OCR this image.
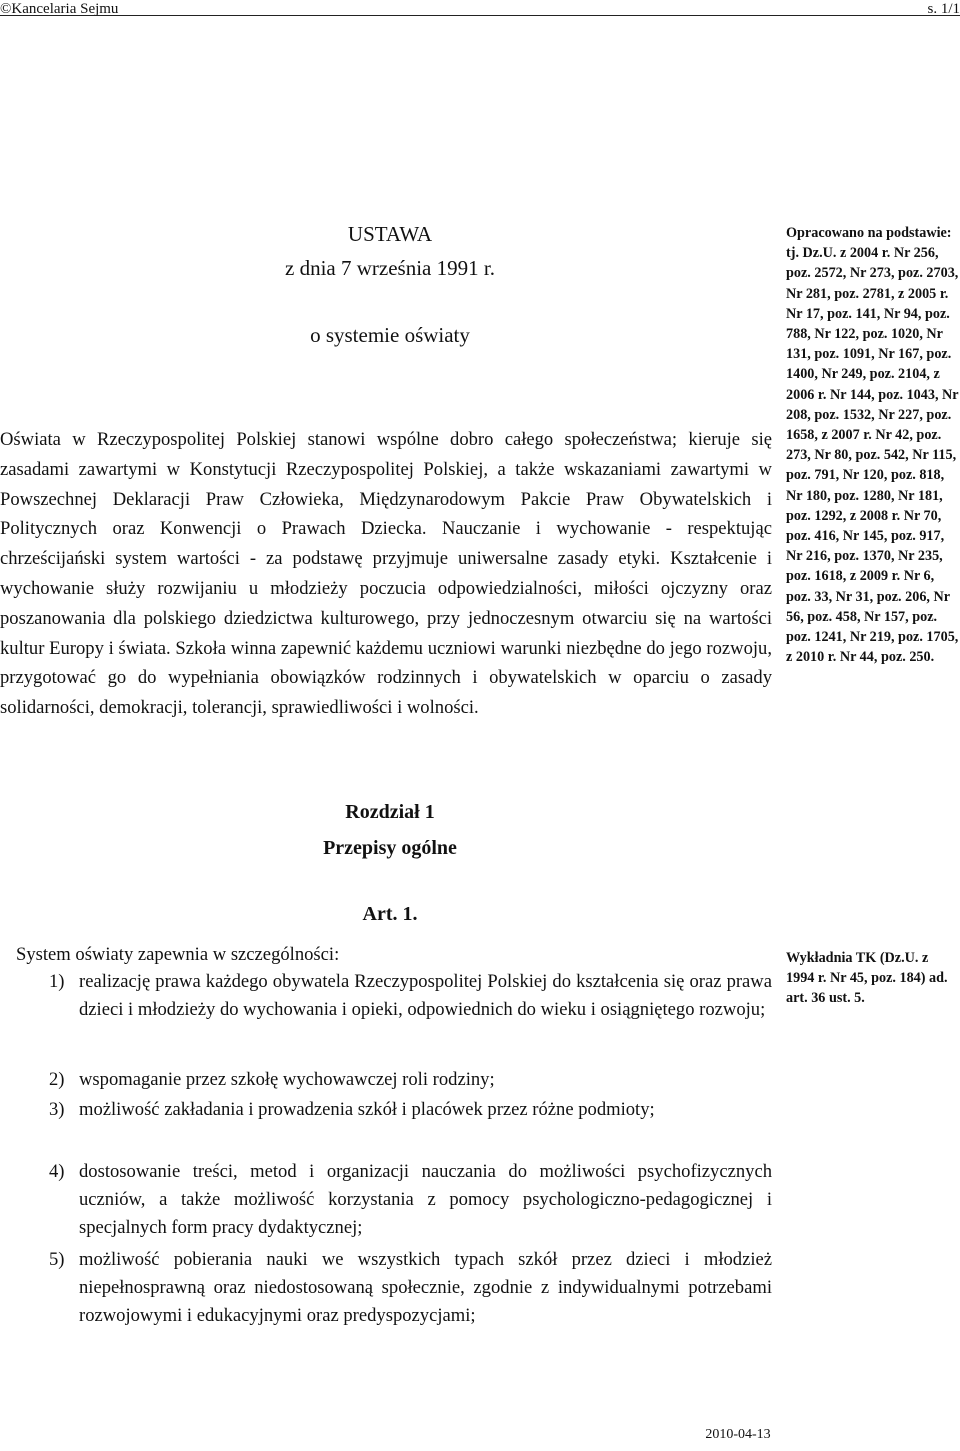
©Kancelaria Sejmu	s. 1/1
USTAWA
z dnia 7 września 1991 r.
o systemie oświaty

Oświata w Rzeczypospolitej Polskiej stanowi wspólne dobro całego społeczeństwa; kieruje się zasadami zawartymi w Konstytucji Rzeczypospolitej Polskiej, a także wskazaniami zawartymi w Powszechnej Deklaracji Praw Człowieka, Międzynarodowym Pakcie Praw Obywatelskich i Politycznych oraz Konwencji o Prawach Dziecka. Nauczanie i wychowanie - respektując chrześcijański system wartości - za podstawę przyjmuje uniwersalne zasady etyki. Kształcenie i wychowanie służy rozwijaniu u młodzieży poczucia odpowiedzialności, miłości ojczyzny oraz poszanowania dla polskiego dziedzictwa kulturowego, przy jednoczesnym otwarciu się na wartości kultur Europy i świata. Szkoła winna zapewnić każdemu uczniowi warunki niezbędne do jego rozwoju, przygotować go do wypełniania obowiązków rodzinnych i obywatelskich w oparciu o zasady solidarności, demokracji, tolerancji, sprawiedliwości i wolności.

Rozdział 1
Przepisy ogólne
Art. 1.

System oświaty zapewnia w szczególności:

1) realizację prawa każdego obywatela Rzeczypospolitej Polskiej do kształcenia się oraz prawa dzieci i młodzieży do wychowania i opieki, odpowiednich do wieku i osiągniętego rozwoju;

2) wspomaganie przez szkołę wychowawczej roli rodziny;

3) możliwość zakładania i prowadzenia szkół i placówek przez różne podmioty;

4) dostosowanie treści, metod i organizacji nauczania do możliwości psychofizycznych uczniów, a także możliwość korzystania z pomocy psychologiczno-pedagogicznej i specjalnych form pracy dydaktycznej;

5) możliwość pobierania nauki we wszystkich typach szkół przez dzieci i młodzież niepełnosprawną oraz niedostosowaną społecznie, zgodnie z indywidualnymi potrzebami rozwojowymi i edukacyjnymi oraz predyspozycjami;

Opracowano na podstawie: tj. Dz.U. z 2004 r. Nr 256, poz. 2572, Nr 273, poz. 2703, Nr 281, poz. 2781, z 2005 r. Nr 17, poz. 141, Nr 94, poz. 788, Nr 122, poz. 1020, Nr 131, poz. 1091, Nr 167, poz. 1400, Nr 249, poz. 2104, z 2006 r. Nr 144, poz. 1043, Nr 208, poz. 1532, Nr 227, poz. 1658, z 2007 r. Nr 42, poz. 273, Nr 80, poz. 542, Nr 115, poz. 791, Nr 120, poz. 818, Nr 180, poz. 1280, Nr 181, poz. 1292, z 2008 r. Nr 70, poz. 416, Nr 145, poz. 917, Nr 216, poz. 1370, Nr 235, poz. 1618, z 2009 r. Nr 6, poz. 33, Nr 31, poz. 206, Nr 56, poz. 458, Nr 157, poz. poz. 1241, Nr 219, poz. 1705, z 2010 r. Nr 44, poz. 250.

Wykładnia TK (Dz.U. z 1994 r. Nr 45, poz. 184) ad. art. 36 ust. 5.

2010-04-13
